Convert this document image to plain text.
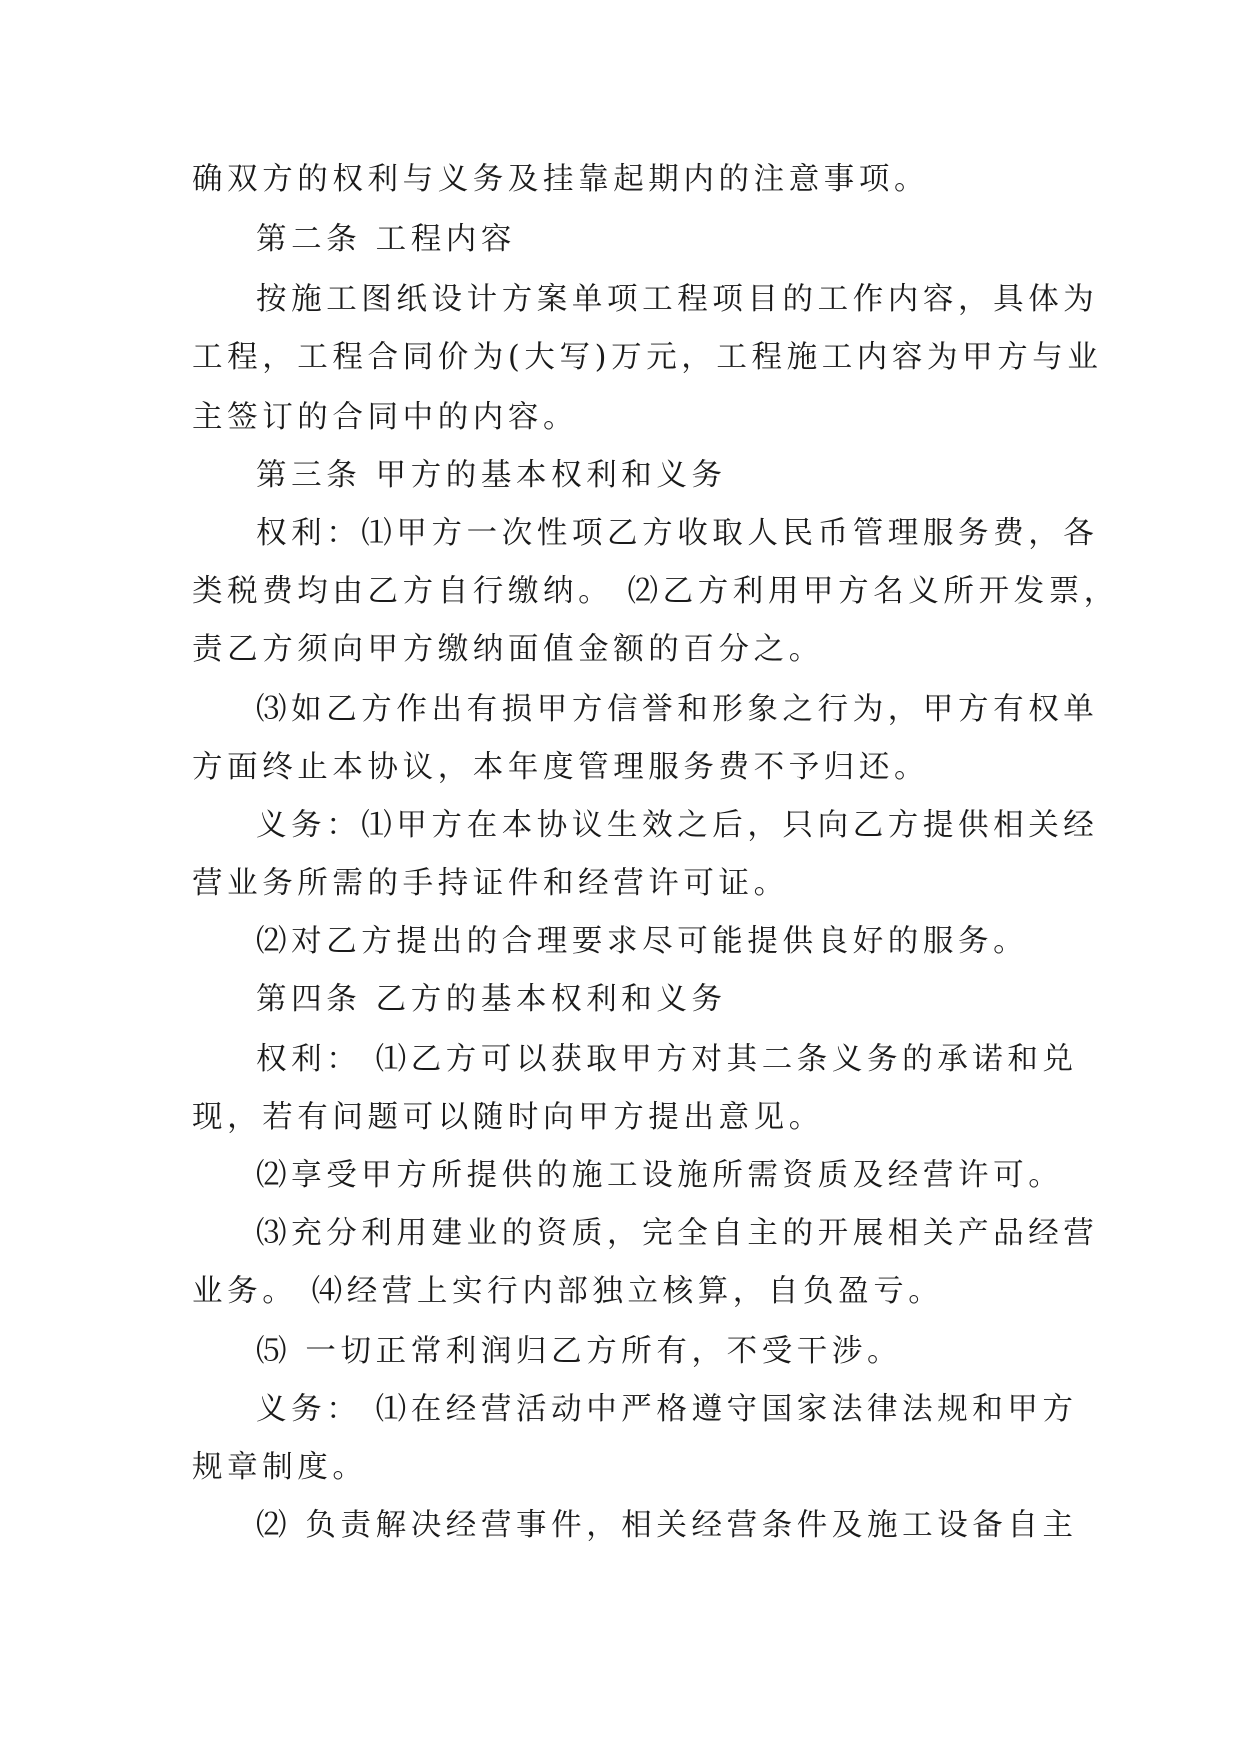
确双方的权利与义务及挂靠起期内的注意事项。
第二条 工程内容
按施工图纸设计方案单项工程项目的工作内容，具体为
工程，工程合同价为(大写)万元，工程施工内容为甲方与业
主签订的合同中的内容。
第三条 甲方的基本权利和义务
权利：⑴甲方一次性项乙方收取人民币管理服务费，各
类税费均由乙方自行缴纳。 ⑵乙方利用甲方名义所开发票，
责乙方须向甲方缴纳面值金额的百分之。
⑶如乙方作出有损甲方信誉和形象之行为，甲方有权单
方面终止本协议，本年度管理服务费不予归还。
义务：⑴甲方在本协议生效之后，只向乙方提供相关经
营业务所需的手持证件和经营许可证。
⑵对乙方提出的合理要求尽可能提供良好的服务。
第四条 乙方的基本权利和义务
权利： ⑴乙方可以获取甲方对其二条义务的承诺和兑
现，若有问题可以随时向甲方提出意见。
⑵享受甲方所提供的施工设施所需资质及经营许可。
⑶充分利用建业的资质，完全自主的开展相关产品经营
业务。 ⑷经营上实行内部独立核算，自负盈亏。
⑸ 一切正常利润归乙方所有，不受干涉。
义务： ⑴在经营活动中严格遵守国家法律法规和甲方
规章制度。
⑵ 负责解决经营事件，相关经营条件及施工设备自主
